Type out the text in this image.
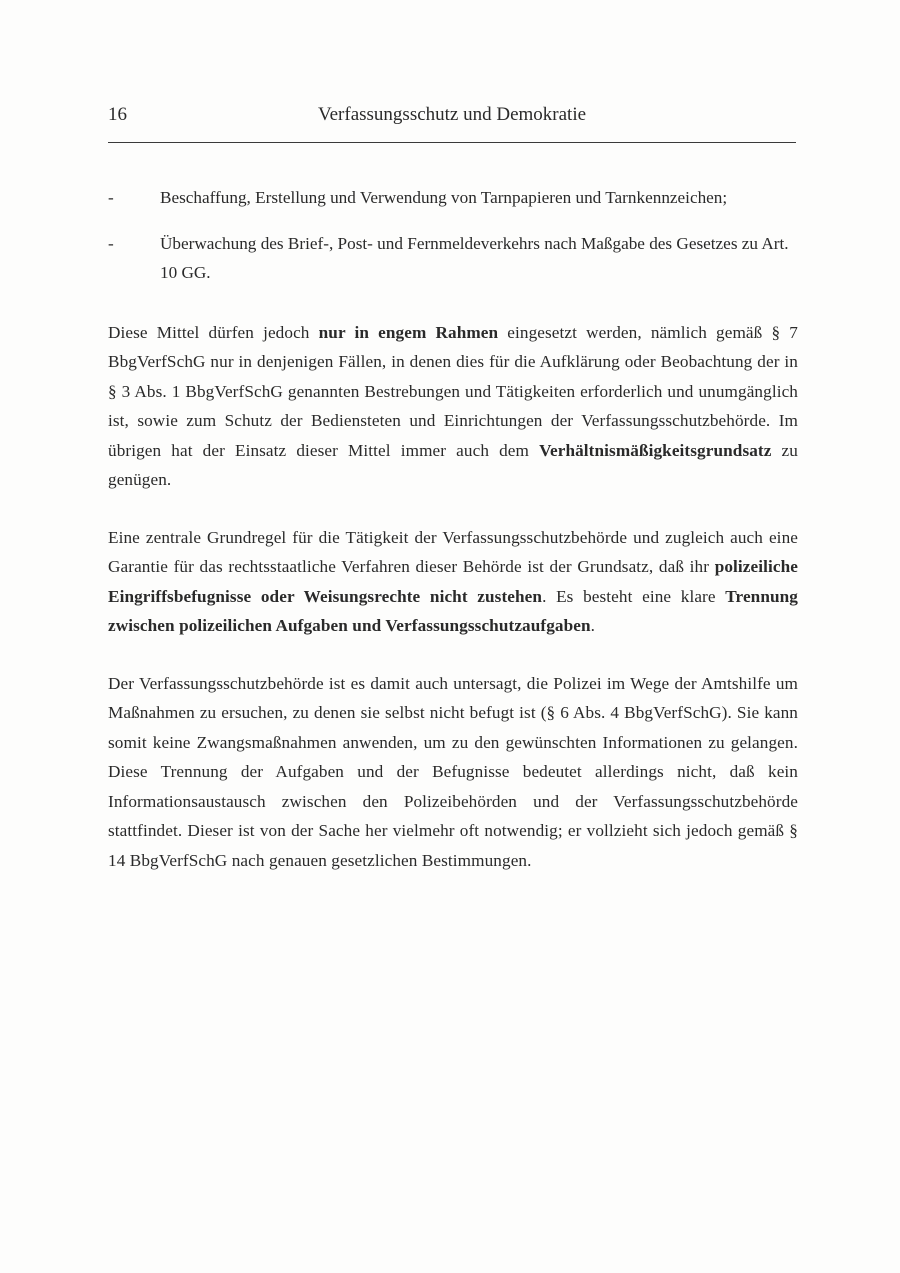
16	Verfassungsschutz und Demokratie
-	Beschaffung, Erstellung und Verwendung von Tarnpapieren und Tarnkennzeichen;
-	Überwachung des Brief-, Post- und Fernmeldeverkehrs nach Maßgabe des Gesetzes zu Art. 10 GG.

Diese Mittel dürfen jedoch nur in engem Rahmen eingesetzt werden, nämlich gemäß § 7 BbgVerfSchG nur in denjenigen Fällen, in denen dies für die Aufklärung oder Beobachtung der in § 3 Abs. 1 BbgVerfSchG genannten Bestrebungen und Tätigkeiten erforderlich und unumgänglich ist, sowie zum Schutz der Bediensteten und Einrichtungen der Verfassungsschutzbehörde. Im übrigen hat der Einsatz dieser Mittel immer auch dem Verhältnismäßigkeitsgrundsatz zu genügen.

Eine zentrale Grundregel für die Tätigkeit der Verfassungsschutzbehörde und zugleich auch eine Garantie für das rechtsstaatliche Verfahren dieser Behörde ist der Grundsatz, daß ihr polizeiliche Eingriffsbefugnisse oder Weisungsrechte nicht zustehen. Es besteht eine klare Trennung zwischen polizeilichen Aufgaben und Verfassungsschutzaufgaben.

Der Verfassungsschutzbehörde ist es damit auch untersagt, die Polizei im Wege der Amtshilfe um Maßnahmen zu ersuchen, zu denen sie selbst nicht befugt ist (§ 6 Abs. 4 BbgVerfSchG). Sie kann somit keine Zwangsmaßnahmen anwenden, um zu den gewünschten Informationen zu gelangen. Diese Trennung der Aufgaben und der Befugnisse bedeutet allerdings nicht, daß kein Informationsaustausch zwischen den Polizeibehörden und der Verfassungsschutzbehörde stattfindet. Dieser ist von der Sache her vielmehr oft notwendig; er vollzieht sich jedoch gemäß § 14 BbgVerfSchG nach genauen gesetzlichen Bestimmungen.
